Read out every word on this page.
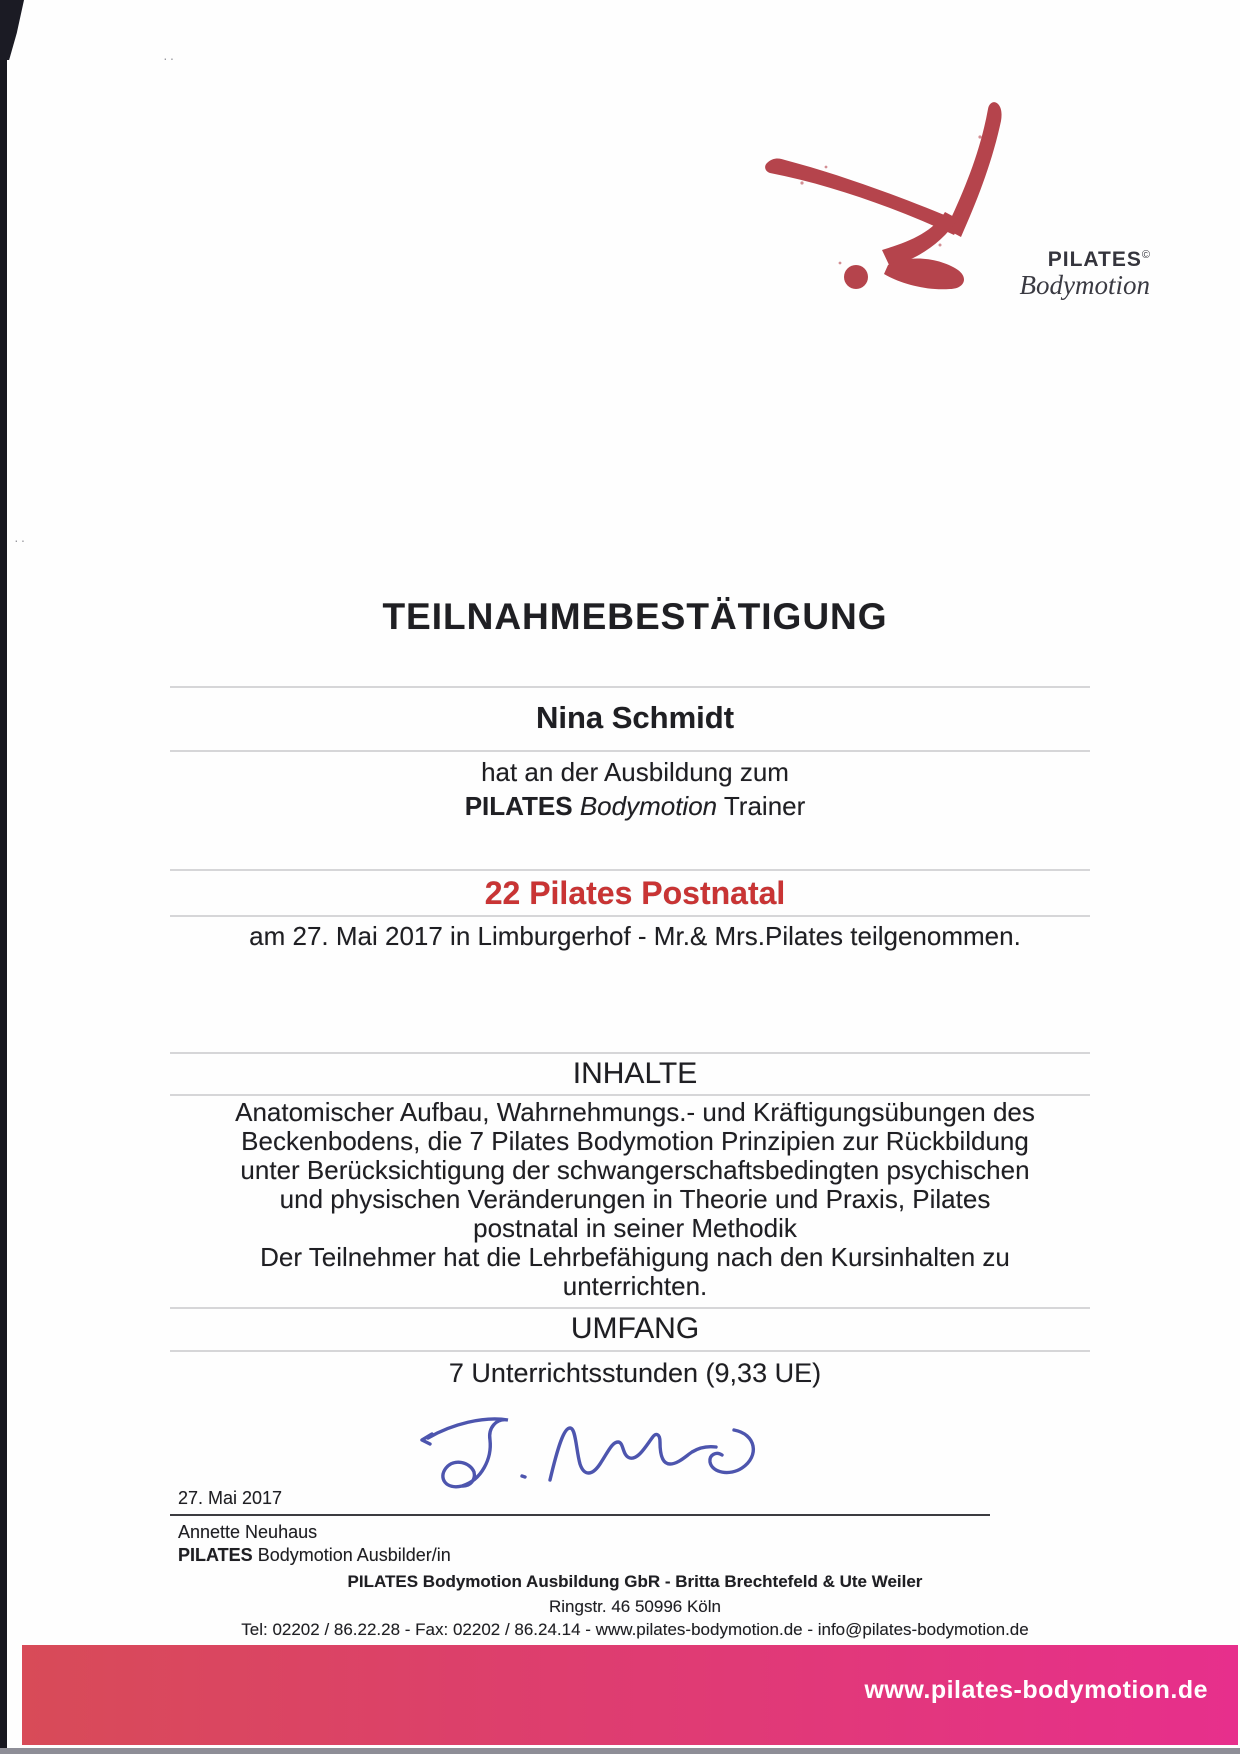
··
··
PILATES©
Bodymotion
TEILNAHMEBESTÄTIGUNG
Nina Schmidt
hat an der Ausbildung zum
PILATES Bodymotion Trainer
22 Pilates Postnatal
am 27. Mai 2017 in Limburgerhof - Mr.& Mrs.Pilates teilgenommen.
INHALTE
Anatomischer Aufbau, Wahrnehmungs.- und Kräftigungsübungen des
Beckenbodens, die 7 Pilates Bodymotion Prinzipien zur Rückbildung
unter Berücksichtigung der schwangerschaftsbedingten psychischen
und physischen Veränderungen in Theorie und Praxis, Pilates
postnatal in seiner Methodik
Der Teilnehmer hat die Lehrbefähigung nach den Kursinhalten zu
unterrichten.
UMFANG
7 Unterrichtsstunden (9,33 UE)
27. Mai 2017
Annette Neuhaus
PILATES Bodymotion Ausbilder/in
PILATES Bodymotion Ausbildung GbR - Britta Brechtefeld & Ute Weiler
Ringstr. 46 50996 Köln
Tel: 02202 / 86.22.28 - Fax: 02202 / 86.24.14 - www.pilates-bodymotion.de - info@pilates-bodymotion.de
www.pilates-bodymotion.de
